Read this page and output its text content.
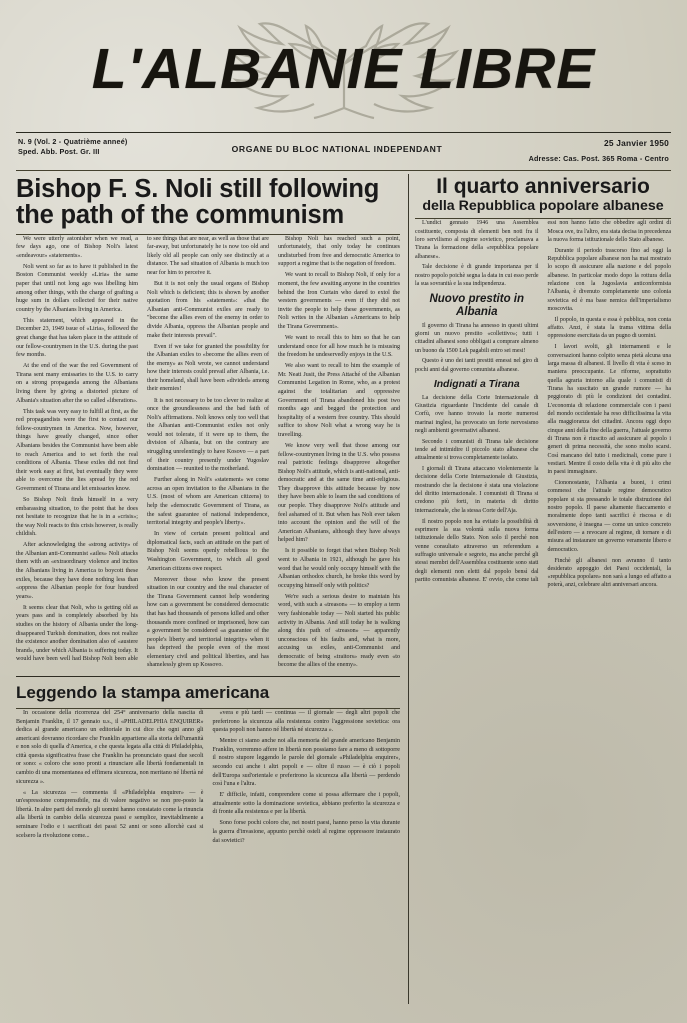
L'ALBANIE LIBRE
N. 9 (Vol. 2 - Quatrième anneé)
Sped. Abb. Post. Gr. III	ORGANE DU BLOC NATIONAL INDEPENDANT
25 Janvier 1950
Adresse: Cas. Post. 365 Roma - Centro
Bishop F. S. Noli still following the path of the communism

We were utterly astonisher when we read, a few days ago, one of Bishop Noli's latest «endeavour» «statements».

Noli went so far as to have it published in the Boston Communist weekly «Liria» the same paper that until not long ago was libelling him among other things, with the charge of grafting a huge sum in dollars collected for their native country by the Albanians living in America.

This statement, which appeared in the December 23, 1949 issue of «Liria», followed the great change that has taken place in the attitude of our fellow-countrymen in the U.S. during the past few months.

At the end of the war the red Government of Tirana sent many emissaries to the U.S. to carry on a strong propaganda among the Albanians living there by giving a distorted picture of Albania's situation after the so called «liberation».

This task was very easy to fulfill at first, as the red propagandists were the first to contact our fellow-countrymen in America. Now, however, things have greatly changed, since other Albanians besides the Communist have been able to reach America and to set forth the real conditions of Albania. These exiles did not find their work easy at first, but eventually they were able to overcome the lies spread by the red Government of Tirana and let emissaries know.

So Bishop Noli finds himself in a very embarassing situation, to the point that he does not hesitate to recognize that he is in a «crisis»; the way Noli reacts to this crisis however, is really childish.

After acknowledging the «strong activity» of the Albanian anti-Communist «ailes» Noli attacks them with an «extraordinary violence and incites the Albanians living in America to boycott these exiles, because they have done nothing less than «oppress the Albanian people for four hundred years».

It seems clear that Noli, who is getting old as years pass and is completely absorbed by his studies on the history of Albania under the long-disappeared Turkish domination, does not realize the existence another domination also of «austere brand», under which Albania is suffering today. It would have been well had Bishop Noli been able to see things that are near, as well as those that are far-away, but unfortunately he is now too old and likely old all people can only see distinctly at a distance. The sad situation of Albania is much too near for him to perceive it.

But it is not only the usual organs of Bishop Noli which is deficient; this is shown by another quotation from his «statement»: «that the Albanian anti-Communist exiles are ready to "become the allies even of the enemy in order to divide Albania, oppress the Albanian people and make their interests prevail".

Even if we take for granted the possibility for the Albanian exiles to «become the allies even of the enemy» as Noli wrote, we cannot understand how their interests could prevail after Albania, i.e. their homeland, shall have been «divided» among their enemies!

It is not necessary to be too clever to realize at once the groundlessness and the bad faith of Noli's affirmations. Noli knows only too well that the Albanian anti-Communist exiles not only would not tolerate, if it were up to them, the division of Albania, but on the contrary are struggling unrelentingly to have Kosovo — a part of their country presently under Yugoslav domination — reunited to the motherland.

Further along in Noli's «statement» we come across an open invitation to the Albanians in the U.S. (most of whom are American citizens) to help the «democratic Government of Tirana, as the safest guarantee of national independence, territorial integrity and people's liberty».

In view of certain present political and diplomatical facts, such an attitude on the part of Bishop Noli seems openly rebellious to the Washington Government, to which all good American citizens owe respect.

Moreover those who know the present situation in our country and the real character of the Tirana Government cannot help wondering how can a government be considered democratic that has had thousands of persons killed and other thousands more confined or imprisoned, how can a government be considered «a guarantee of the people's liberty and territorial integrity» when it has deprived the people even of the most elementary civil and political liberties, and has shamelessly given up Kossovo.

Bishop Noli has reached such a point, unfortunately, that only today he continues undisturbed from free and democratic America to support a regime that is the negation of freedom.

We want to recall to Bishop Noli, if only for a moment, the few awaiting anyone in the countries behind the Iron Curtain who dared to extol the western governments — even if they did not invite the people to help these governments, as Noli writes in the Albanian «Americans to help the Tirana Government».

We want to recall this to him so that he can understand once for all how much he is misusing the freedom he undeservedly enjoys in the U.S.

We also want to recall to him the example of Mr. Neati Jusit, the Press Attaché of the Albanian Communist Legation in Rome, who, as a protest against the totalitarian and oppressive Government of Tirana abandoned his post two months ago and begged the protection and hospitality of a western free country. This should suffice to show Noli what a wrong way he is travelling.

We know very well that those among our fellow-countrymen living in the U.S. who possess real patriotic feelings disapprove altogether Bishop Noli's attitude, which is anti-national, anti-democratic and at the same time anti-religious. They disapprove this attitude because by now they have been able to learn the sad conditions of our people. They disapprove Noli's attitude and feel ashamed of it. But when has Noli ever taken into account the opinion and the will of the American Albanians, although they have always helped him?

Is it possible to forget that when Bishop Noli went to Albania in 1921, although he gave his word that he would only occupy himself with the Albanian orthodox church, he broke this word by occupying himself only with politics?

We're such a serious desire to maintain his word, with such a «treason» — to employ a term very fashionable today — Noli started his public activity in Albania. And still today he is walking along this path of «treason» — apparently unconscious of his faults and, what is more, accusing us exiles, anti-Communist and democratic of being «traitors» ready even «to become the allies of the enemy».

Leggendo la stampa americana

In occasione della ricorrenza del 254° anniversario della nascita di Benjamin Franklin, il 17 gennaio u.s., il «PHILADELPHIA ENQUIRER» dedica al grande americano un editoriale in cui dice che ogni anno gli americani dovranno ricordare che Franklin appartiene alla storia dell'umanità e non solo di quella d'America, e che questa legata alla città di Philadelphia, città questa significativa frase che Franklin ha pronunciato quasi due secoli or sono: « coloro che sono pronti a rinunciare alle libertà fondamentali in cambio di una momentanea ed effimera sicurezza, non meritano né libertà né sicurezza ».

« La sicurezza — commenta il «Philadelphia enquirer» — è un'espressione comprensibile, ma di valore negativo se non pre-posto la libertà. In altre parti del mondo gli uomini hanno constatato come la rinuncia alla libertà in cambio della sicurezza passi e semplice, inevitabilmente a seminare l'odio e i sacrificati dei passi 52 anni or sono allorchè casi si scelsero la rivoluzione come...

«vera e più tardi — continua — il giornale — degli altri popoli che preferirono la sicurezza alla resistenza contro l'aggressione sovietica: ora questa popoli non hanno né libertà né sicurezza ».

Mentre ci siamo anche noi alla memoria del grande americano Benjamin Franklin, vorremmo affere in libertà non possiamo fare a meno di sottoporre il nostro stupore leggendo le parole del giornale «Philadelphia enquirer», secondo cui anche i altri popoli e — oltre il russo — è ciò i popoli dell'Europa sud'orientale e preferirono la sicurezza alla libertà — perdendo così l'una e l'altra.

E' difficile, infatti, comprendere come si possa affermare che i popoli, attualmente sotto la dominazione sovietica, abbiano preferito la sicurezza e di fronte alla resistenza e per la libertà.

Sono forse pochi coloro che, nei nostri paesi, hanno perso la vita durante la guerra d'invasione, appunto perchè osteli al regime oppressore instaurato dai sovietici?

Il quarto anniversario
della Repubblica popolare albanese

L'undici gennaio 1946 una Assemblea costituente, composta di elementi ben noti fra il loro servilismo al regime sovietico, proclamava a Tirana la formazione della «repubblica popolare albanese».

Tale decisione è di grande importanza per il nostro popolo poichè segna la data in cui esso perde la sua sovranità e la sua indipendenza.

Nuovo prestito in Albania

Il governo di Tirana ha annesso in questi ultimi giorni un nuovo prestito «collettivo»; tutti i cittadini albanesi sono obbligati a comprare almeno un buono da 1500 Lek pagabili entro sei mesi!

Questo è uno dei tanti prestiti emessi nel giro di pochi anni dal governo comunista albanese.

Indignati a Tirana

La decisione della Corte Internazionale di Giustizia riguardante l'incidente del canale di Corfù, ove hanno trovato la morte numerosi marinai inglesi, ha provocato un forte nervosismo negli ambienti governativi albanesi.

Secondo i comunisti di Tirana tale decisione tende ad intimidire il piccolo stato albanese che attualmente si trova completamente isolato.

I giornali di Tirana attaccano violentemente la decisione della Corte Internazionale di Giustizia, mostrando che la decisione è stata una violazione del diritto internazionale. I comunisti di Tirana si credono più forti, in materia di diritto internazionale, che la stessa Corte dell'Aja.

Il nostro popolo non ha evitato la possibilità di esprimere la sua volontà sulla nuova forma istituzionale dello Stato. Non solo il perché non venne consultato attraverso un referendum a suffragio universale e segreto, ma anche perché gli stessi membri dell'Assemblea costituente sono stati degli elementi non eletti dal popolo bensì dal partito comunista albanese. E' ovvio, che come tali essi non hanno fatto che obbedire agli ordini di Mosca ove, tra l'altro, era stata decisa in precedenza la nuova forma istituzionale dello Stato albanese.

Durante il periodo trascorso fino ad oggi la Repubblica popolare albanese non ha mai mostrato lo scopo di assicurare alla nazione e del popolo albanese. In particolar modo dopo la rottura della relazione con la Jugoslavia anticonformista l'Albania, è divenuto completamente uno colonia sovietica ed è ma base nemica dell'imperialismo moscovita.

Il popolo, in questa e essa è pubblica, non conta affatto. Anzi, è stata la trama vittima della oppressione esercitata da un pugno di uomini.

I lavori svolti, gli internamenti e le conversazioni hanno colpito senza pietà alcuna una larga massa di albanesi. Il livello di vita è sceso in maniera preoccupante. Le riforme, soprattutto quella agraria intorno alla quale i comunisti di Tirana ha suscitato un grande rumore — ha peggiorato di più le condizioni dei contadini. L'economia di relazione commerciale con i paesi del mondo occidentale ha reso difficilissima la vita alla maggioranza dei cittadini. Ancora oggi dopo cinque anni della fine della guerra, l'attuale governo di Tirana non è riuscito ad assicurare al popolo i generi di prima necessità, che sono molto scarsi. Così mancano del tutto i medicinali, come pure i vestiari. Mentre il costo della vita è di più alto che in paesi immaginare.

Ciononostante, l'Albania a buoni, i crimi commessi che l'attuale regime democratico popolare si sta pressando le totale distruzione del nostro popolo. Il paese altamente fiaccamento e moralmente dopo tanti sacrifici è riscosa e di sovversione, è insegna — come un unico concreto dell'estero — a revocare al regime, di tornare e di misura ad instaurare un governo veramente libero e democratico.

Finchè gli albanesi non avranno il tanto desiderato appoggio dei Paesi occidentali, la «repubblica popolare» non sarà a lungo ed affatto a poterà, anzi, celebrare altri anniversari ancora.
